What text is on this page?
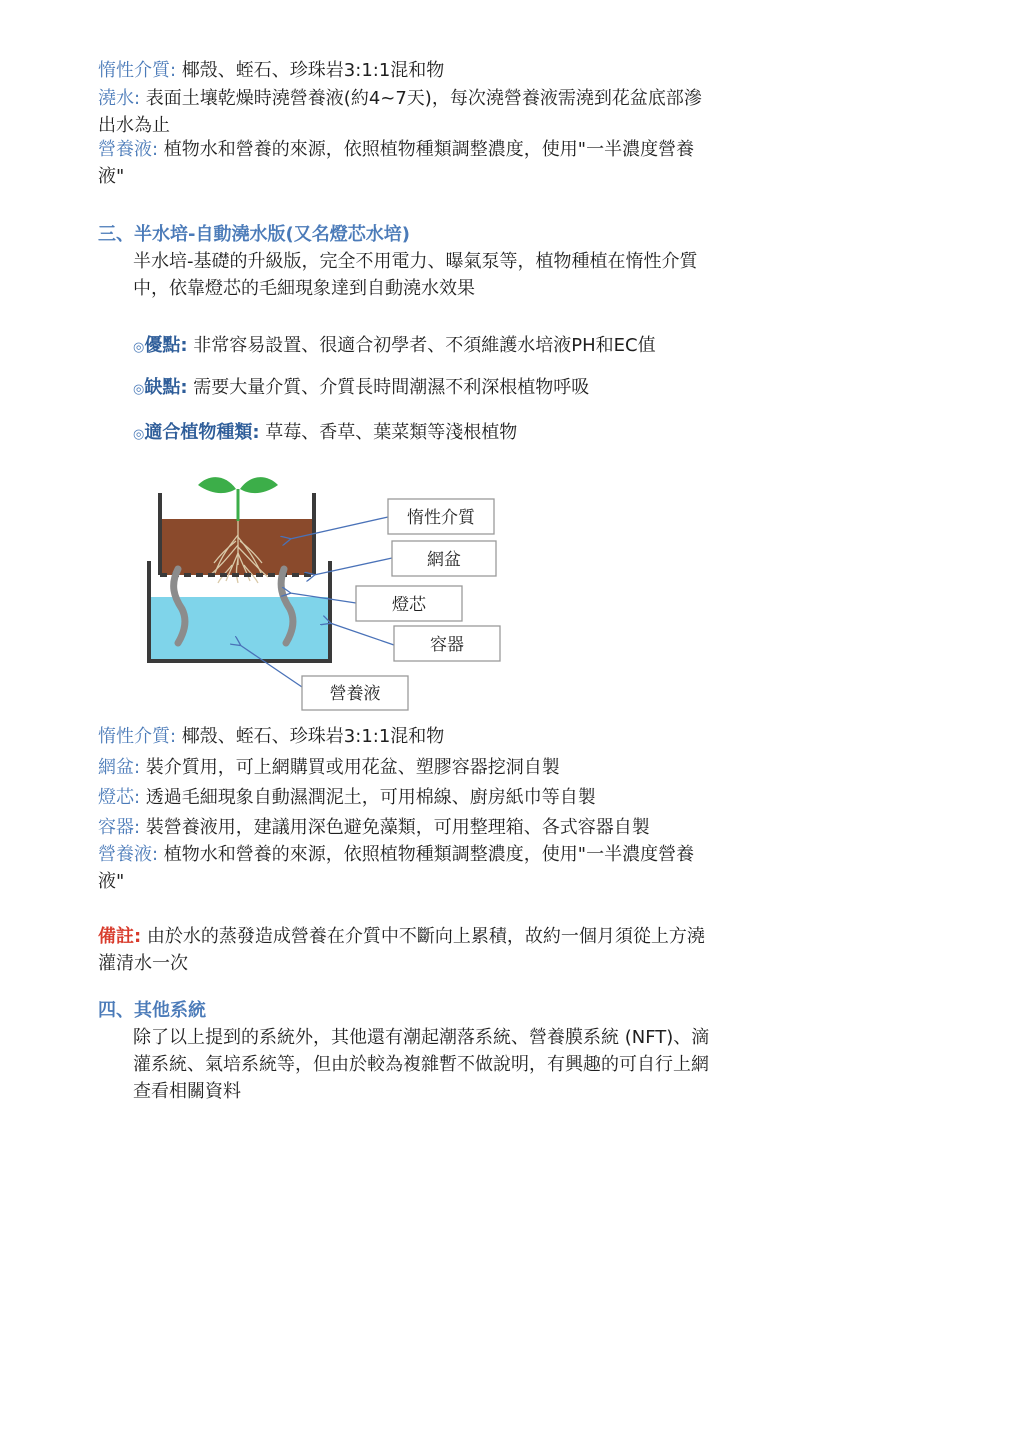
惰性介質: 椰殼、蛭石、珍珠岩3:1:1混和物
澆水: 表面土壤乾燥時澆營養液(約4~7天)，每次澆營養液需澆到花盆底部滲
出水為止
營養液: 植物水和營養的來源，依照植物種類調整濃度，使用"一半濃度營養
液"
三、半水培-自動澆水版(又名燈芯水培)
半水培-基礎的升級版，完全不用電力、曝氣泵等，植物種植在惰性介質
中，依靠燈芯的毛細現象達到自動澆水效果
◎優點: 非常容易設置、很適合初學者、不須維護水培液PH和EC值
◎缺點: 需要大量介質、介質長時間潮濕不利深根植物呼吸
◎適合植物種類: 草莓、香草、葉菜類等淺根植物
惰性介質
網盆
燈芯
容器
營養液
惰性介質: 椰殼、蛭石、珍珠岩3:1:1混和物
網盆: 裝介質用，可上網購買或用花盆、塑膠容器挖洞自製
燈芯: 透過毛細現象自動濕潤泥土，可用棉線、廚房紙巾等自製
容器: 裝營養液用，建議用深色避免藻類，可用整理箱、各式容器自製
營養液: 植物水和營養的來源，依照植物種類調整濃度，使用"一半濃度營養
液"
備註: 由於水的蒸發造成營養在介質中不斷向上累積，故約一個月須從上方澆
灌清水一次
四、其他系統
除了以上提到的系統外，其他還有潮起潮落系統、營養膜系統 (NFT)、滴
灌系統、氣培系統等，但由於較為複雜暫不做說明，有興趣的可自行上網
查看相關資料
